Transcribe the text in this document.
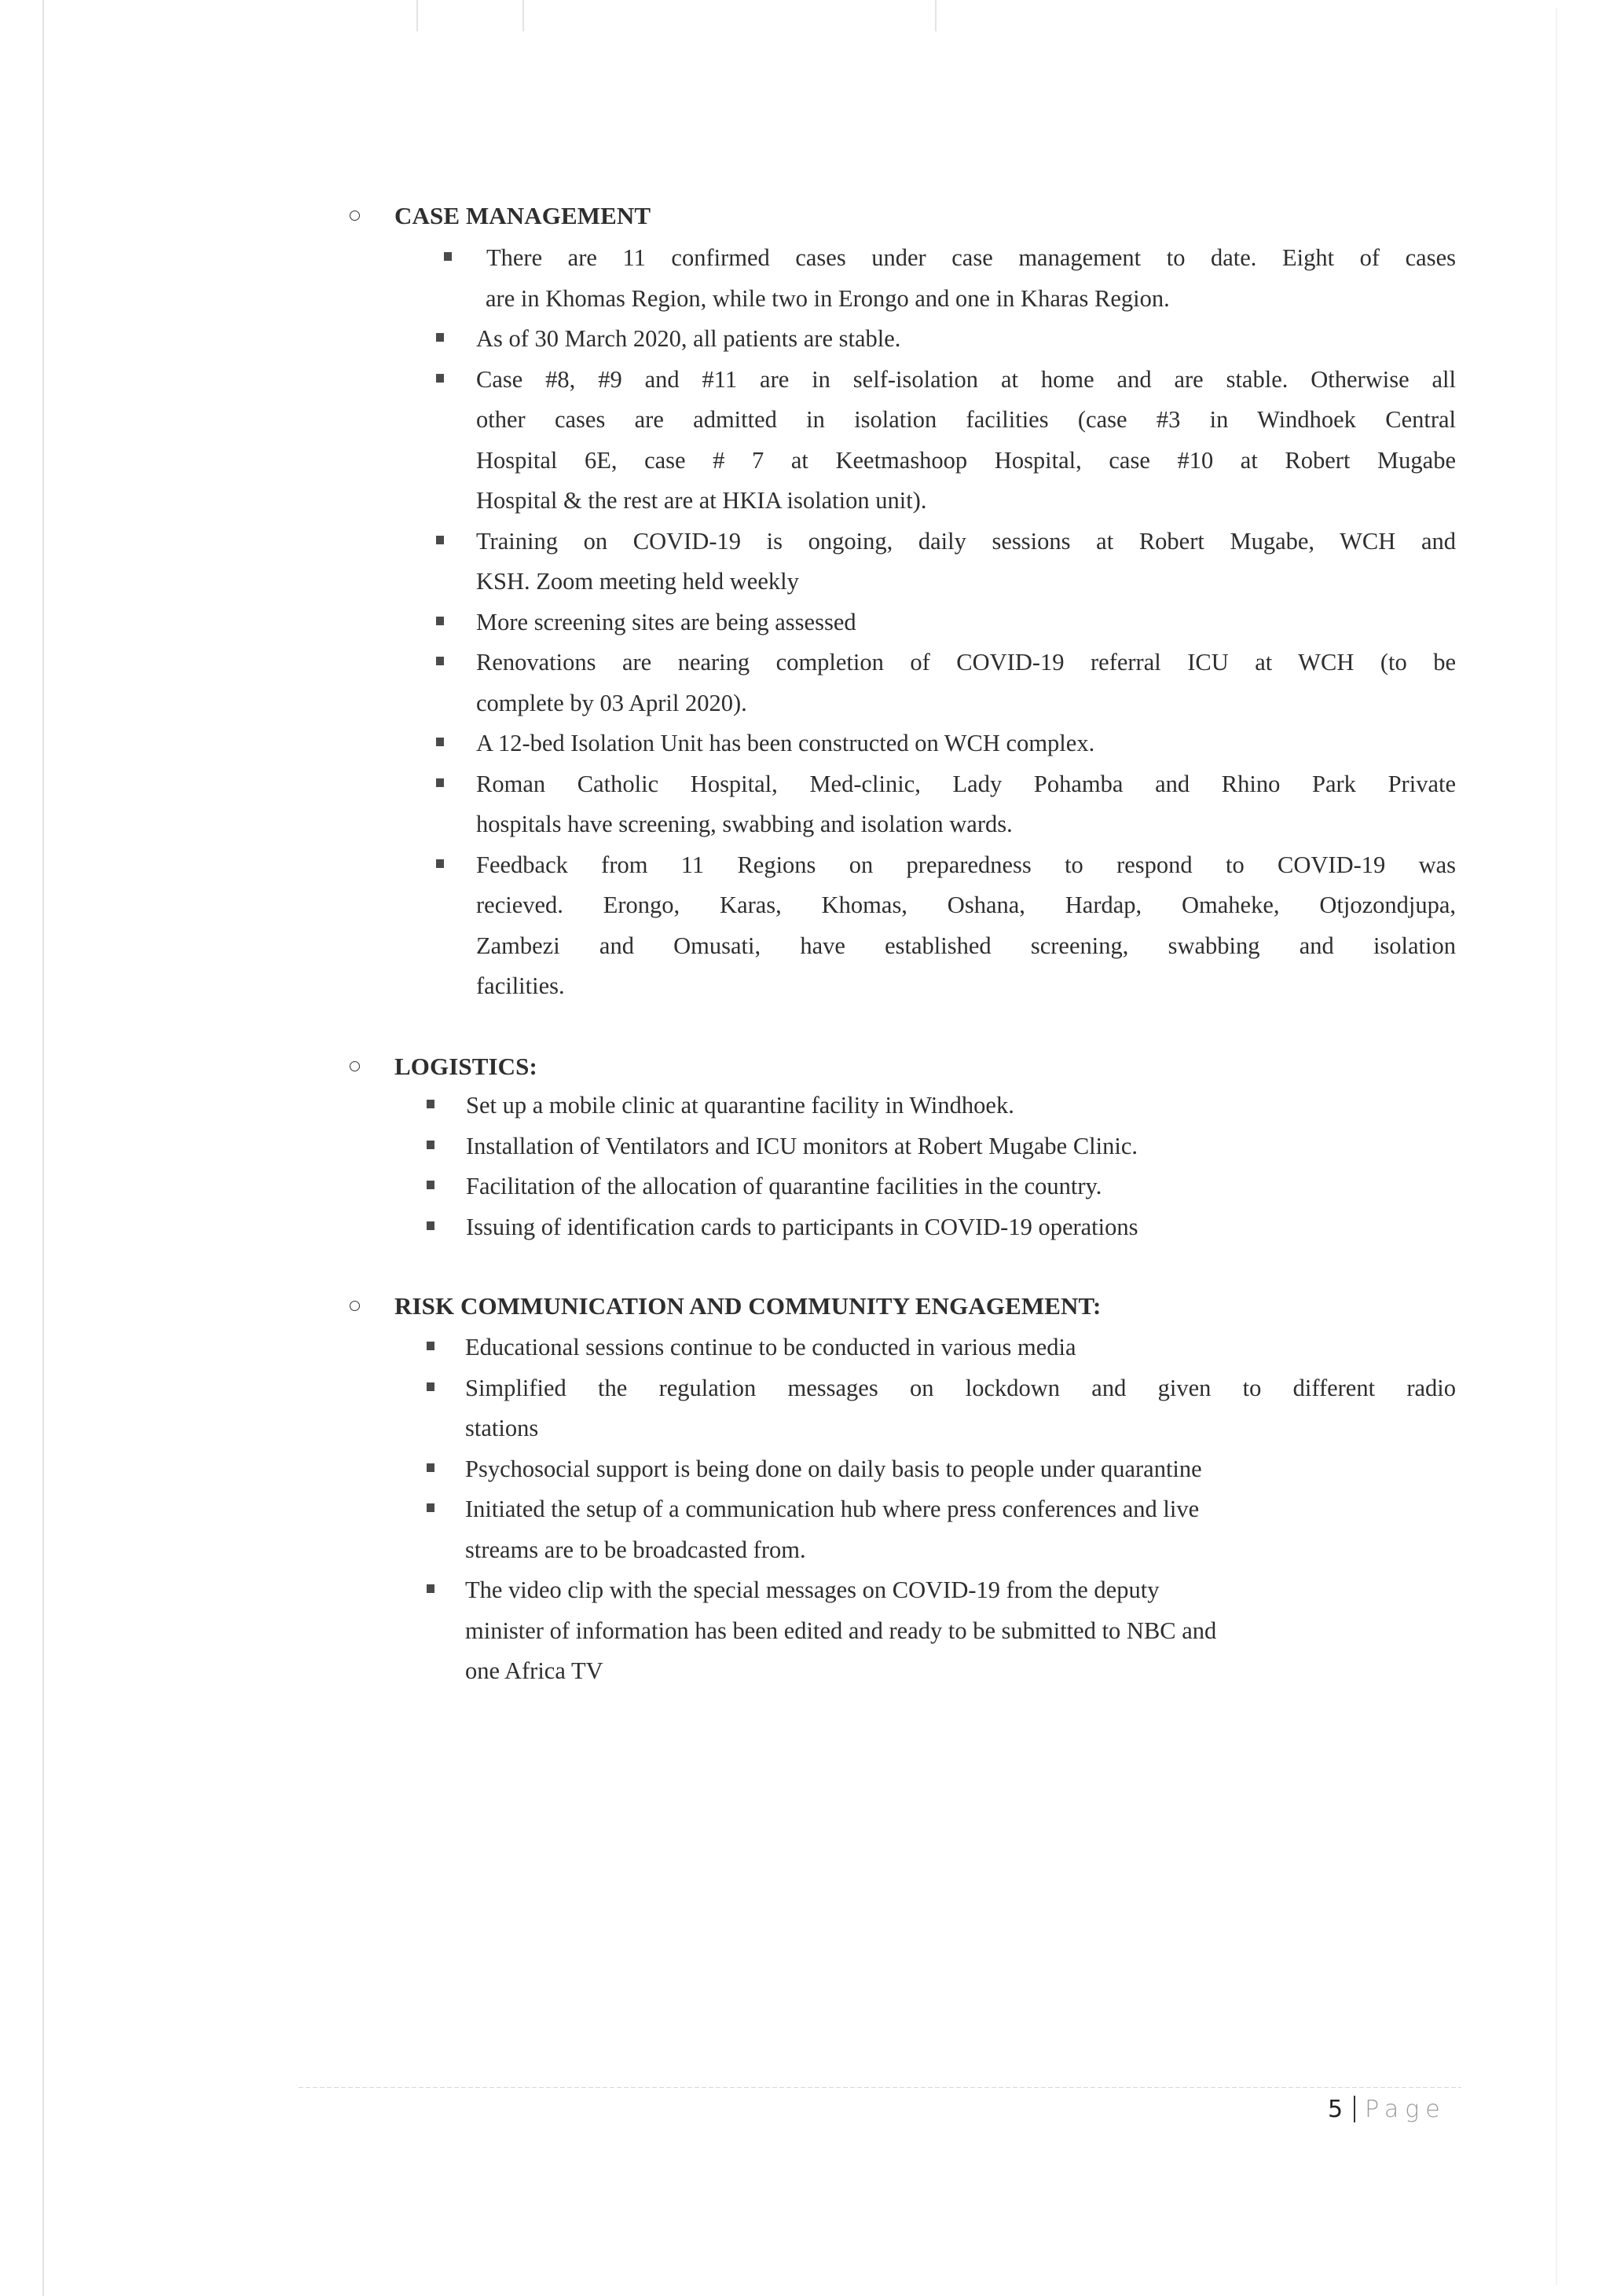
CASE MANAGEMENT
There are 11 confirmed cases under case management to date. Eight of cases
are in Khomas Region, while two in Erongo and one in Kharas Region.
As of 30 March 2020, all patients are stable.
Case #8, #9 and #11 are in self-isolation at home and are stable. Otherwise all
other cases are admitted in isolation facilities (case #3 in Windhoek Central
Hospital 6E, case # 7 at Keetmashoop Hospital, case #10 at Robert Mugabe
Hospital & the rest are at HKIA isolation unit).
Training on COVID-19 is ongoing, daily sessions at Robert Mugabe, WCH and
KSH. Zoom meeting held weekly
More screening sites are being assessed
Renovations are nearing completion of COVID-19 referral ICU at WCH (to be
complete by 03 April 2020).
A 12-bed Isolation Unit has been constructed on WCH complex.
Roman Catholic Hospital, Med-clinic, Lady Pohamba and Rhino Park Private
hospitals have screening, swabbing and isolation wards.
Feedback from 11 Regions on preparedness to respond to COVID-19 was
recieved. Erongo, Karas, Khomas, Oshana, Hardap, Omaheke, Otjozondjupa,
Zambezi and Omusati, have established screening, swabbing and isolation
facilities.
LOGISTICS:
Set up a mobile clinic at quarantine facility in Windhoek.
Installation of Ventilators and ICU monitors at Robert Mugabe Clinic.
Facilitation of the allocation of quarantine facilities in the country.
Issuing of identification cards to participants in COVID-19 operations
RISK COMMUNICATION AND COMMUNITY ENGAGEMENT:
Educational sessions continue to be conducted in various media
Simplified the regulation messages on lockdown and given to different radio
stations
Psychosocial support is being done on daily basis to people under quarantine
Initiated the setup of a communication hub where press conferences and live
streams are to be broadcasted from.
The video clip with the special messages on COVID-19 from the deputy
minister of information has been edited and ready to be submitted to NBC and
one Africa TV
5 Page
